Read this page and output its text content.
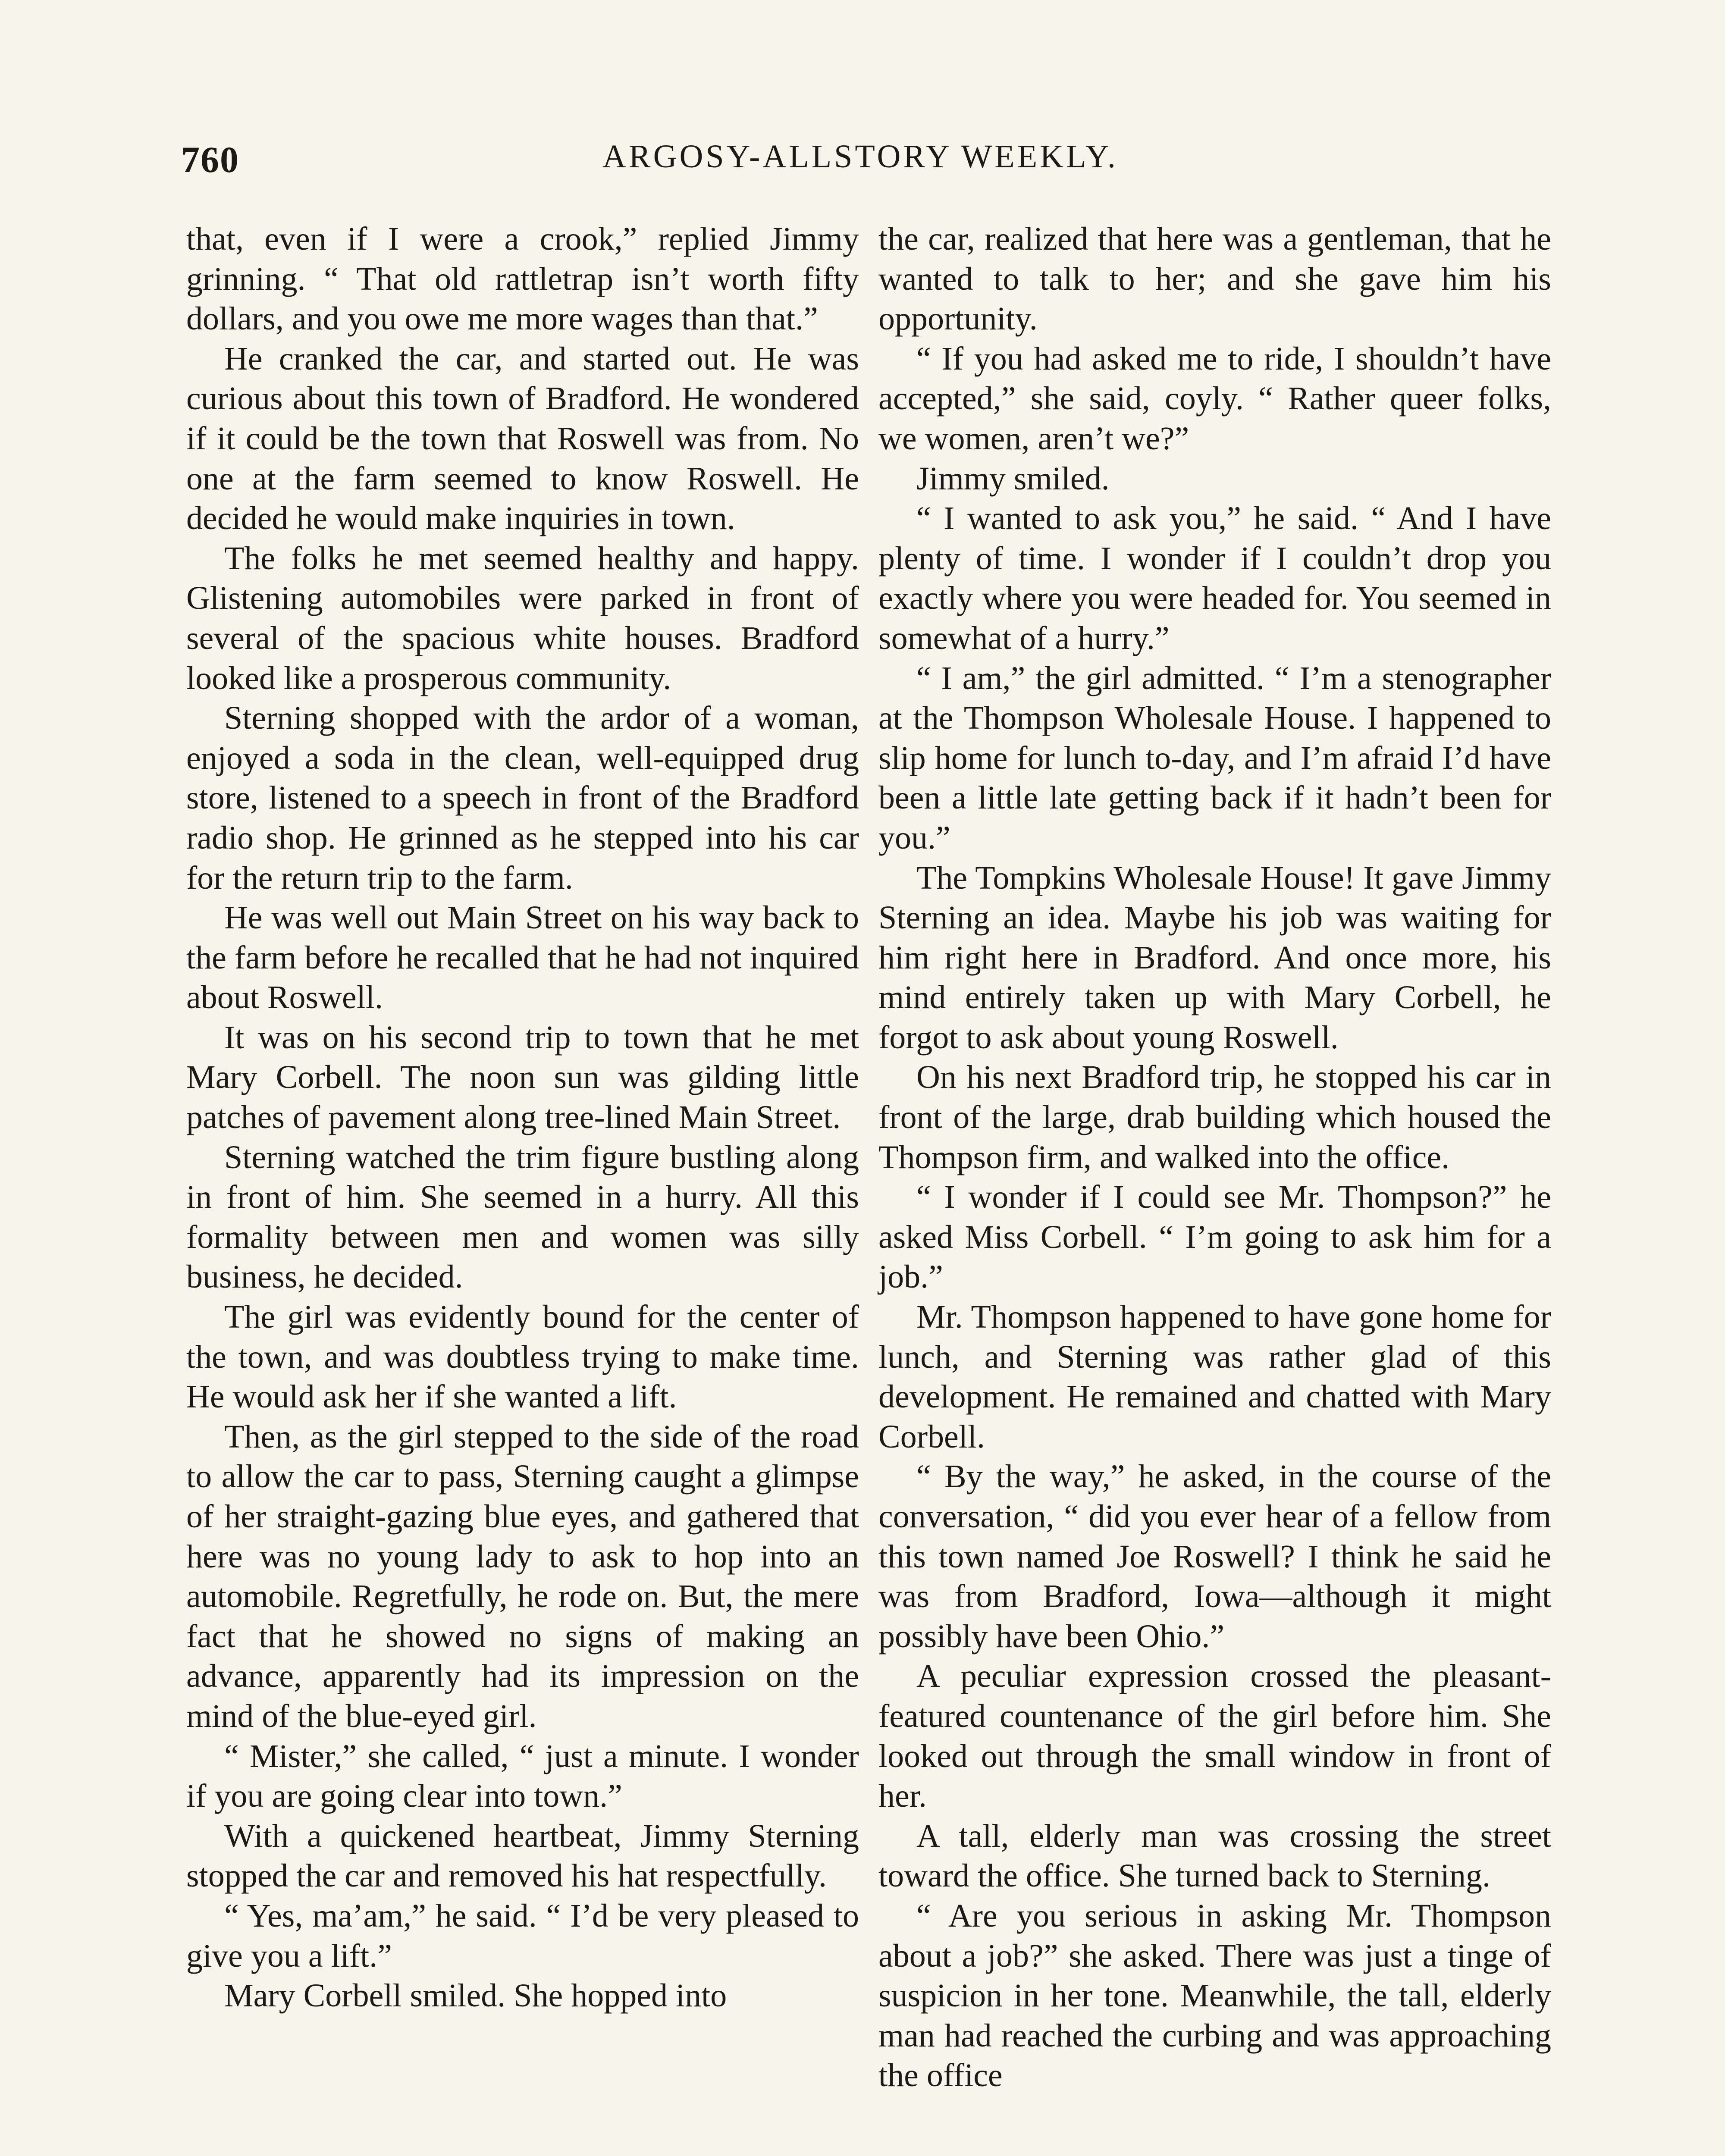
760	ARGOSY-ALLSTORY WEEKLY.

that, even if I were a crook,” replied Jimmy grinning. “ That old rattletrap isn’t worth fifty dollars, and you owe me more wages than that.”

He cranked the car, and started out. He was curious about this town of Bradford. He wondered if it could be the town that Roswell was from. No one at the farm seemed to know Roswell. He decided he would make inquiries in town.

The folks he met seemed healthy and happy. Glistening automobiles were parked in front of several of the spacious white houses. Bradford looked like a prosperous community.

Sterning shopped with the ardor of a woman, enjoyed a soda in the clean, well-equipped drug store, listened to a speech in front of the Bradford radio shop. He grinned as he stepped into his car for the return trip to the farm.

He was well out Main Street on his way back to the farm before he recalled that he had not inquired about Roswell.

It was on his second trip to town that he met Mary Corbell. The noon sun was gilding little patches of pavement along tree-lined Main Street.

Sterning watched the trim figure bustling along in front of him. She seemed in a hurry. All this formality between men and women was silly business, he decided.

The girl was evidently bound for the center of the town, and was doubtless trying to make time. He would ask her if she wanted a lift.

Then, as the girl stepped to the side of the road to allow the car to pass, Sterning caught a glimpse of her straight-gazing blue eyes, and gathered that here was no young lady to ask to hop into an automobile. Regretfully, he rode on. But, the mere fact that he showed no signs of making an advance, apparently had its impression on the mind of the blue-eyed girl.

“ Mister,” she called, “ just a minute. I wonder if you are going clear into town.”

With a quickened heartbeat, Jimmy Sterning stopped the car and removed his hat respectfully.

“ Yes, ma’am,” he said. “ I’d be very pleased to give you a lift.”

Mary Corbell smiled. She hopped into

the car, realized that here was a gentleman, that he wanted to talk to her; and she gave him his opportunity.

“ If you had asked me to ride, I shouldn’t have accepted,” she said, coyly. “ Rather queer folks, we women, aren’t we?”

Jimmy smiled.

“ I wanted to ask you,” he said. “ And I have plenty of time. I wonder if I couldn’t drop you exactly where you were headed for. You seemed in somewhat of a hurry.”

“ I am,” the girl admitted. “ I’m a stenographer at the Thompson Wholesale House. I happened to slip home for lunch to-day, and I’m afraid I’d have been a little late getting back if it hadn’t been for you.”

The Tompkins Wholesale House! It gave Jimmy Sterning an idea. Maybe his job was waiting for him right here in Bradford. And once more, his mind entirely taken up with Mary Corbell, he forgot to ask about young Roswell.

On his next Bradford trip, he stopped his car in front of the large, drab building which housed the Thompson firm, and walked into the office.

“ I wonder if I could see Mr. Thompson?” he asked Miss Corbell. “ I’m going to ask him for a job.”

Mr. Thompson happened to have gone home for lunch, and Sterning was rather glad of this development. He remained and chatted with Mary Corbell.

“ By the way,” he asked, in the course of the conversation, “ did you ever hear of a fellow from this town named Joe Roswell? I think he said he was from Bradford, Iowa—although it might possibly have been Ohio.”

A peculiar expression crossed the pleasant-featured countenance of the girl before him. She looked out through the small window in front of her.

A tall, elderly man was crossing the street toward the office. She turned back to Sterning.

“ Are you serious in asking Mr. Thompson about a job?” she asked. There was just a tinge of suspicion in her tone. Meanwhile, the tall, elderly man had reached the curbing and was approaching the office
